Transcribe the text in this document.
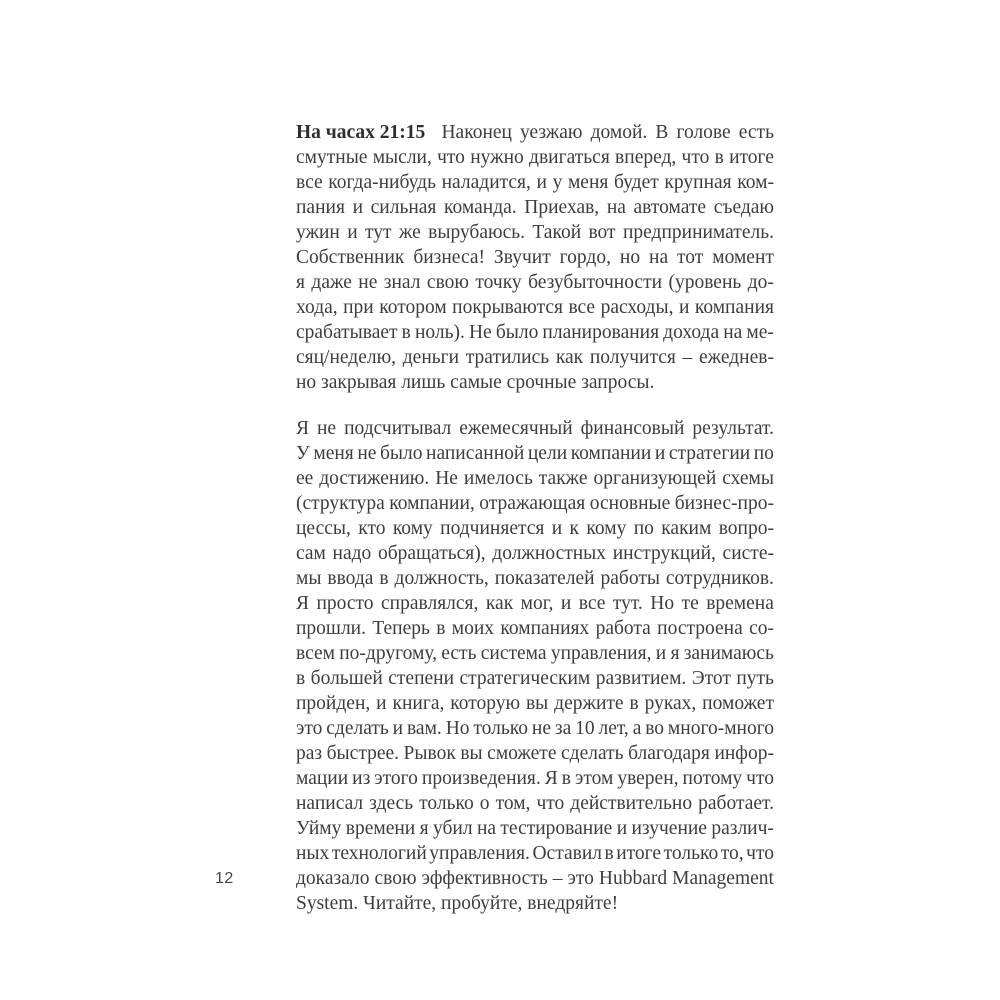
12
На часах 21:15 Наконец уезжаю домой. В голове есть
смутные мысли, что нужно двигаться вперед, что в итоге
все когда-нибудь наладится, и у меня будет крупная ком-
пания и сильная команда. Приехав, на автомате съедаю
ужин и тут же вырубаюсь. Такой вот предприниматель.
Собственник бизнеса! Звучит гордо, но на тот момент
я даже не знал свою точку безубыточности (уровень до-
хода, при котором покрываются все расходы, и компания
срабатывает в ноль). Не было планирования дохода на ме-
сяц/неделю, деньги тратились как получится – ежеднев-
но закрывая лишь самые срочные запросы.
Я не подсчитывал ежемесячный финансовый результат.
У меня не было написанной цели компании и стратегии по
ее достижению. Не имелось также организующей схемы
(структура компании, отражающая основные бизнес-про-
цессы, кто кому подчиняется и к кому по каким вопро-
сам надо обращаться), должностных инструкций, систе-
мы ввода в должность, показателей работы сотрудников.
Я просто справлялся, как мог, и все тут. Но те времена
прошли. Теперь в моих компаниях работа построена со-
всем по-другому, есть система управления, и я занимаюсь
в большей степени стратегическим развитием. Этот путь
пройден, и книга, которую вы держите в руках, поможет
это сделать и вам. Но только не за 10 лет, а во много-много
раз быстрее. Рывок вы сможете сделать благодаря инфор-
мации из этого произведения. Я в этом уверен, потому что
написал здесь только о том, что действительно работает.
Уйму времени я убил на тестирование и изучение различ-
ных технологий управления. Оставил в итоге только то, что
доказало свою эффективность – это Hubbard Management
System. Читайте, пробуйте, внедряйте!
